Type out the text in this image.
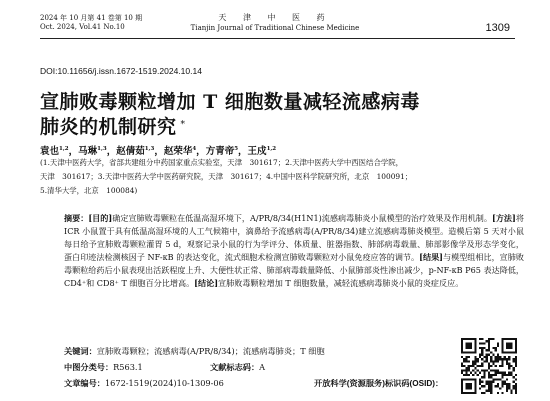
2024 年 10 月第 41 卷第 10 期
Oct. 2024, Vol.41 No.10
天 津 中 医 药
Tianjin Journal of Traditional Chinese Medicine	1309
DOI:10.11656/j.issn.1672-1519.2024.10.14
宣肺败毒颗粒增加 T 细胞数量减轻流感病毒
肺炎的机制研究 *
袁也$^{1,2}$，马琳$^{1,3}$，赵倩茹$^{1,3}$，赵荣华$^4$，方青帝$^5$，王戍$^{1,2}$
(1.天津中医药大学，省部共建组分中药国家重点实验室，天津　301617；2.天津中医药大学中西医结合学院，
天津　301617；3.天津中医药大学中医药研究院，天津　301617；4.中国中医科学院研究所，北京　100091；
5.清华大学，北京　100084)
摘要：[目的]确定宣肺败毒颗粒在低温高湿环境下，A/PR/8/34(H1N1)流感病毒肺炎小鼠模型的治疗效果及作用机制。[方法]将 ICR 小鼠置于具有低温高湿环境的人工气候箱中，滴鼻给予流感病毒(A/PR/8/34)建立流感病毒肺炎模型。造模后第 5 天对小鼠每日给予宣肺败毒颗粒灌胃 5 d，观察记录小鼠的行为学评分、体质量、脏器指数、肺部病毒载量、肺部影像学及形态学变化，蛋白印迹法检测核因子 NF-κB 的表达变化，流式细胞术检测宣肺败毒颗粒对小鼠免疫应答的调节。[结果]与模型组相比，宣肺败毒颗粒给药后小鼠表现出活跃程度上升、大便性状正常、肺部病毒载量降低、小鼠肺部炎性渗出减少，p-NF-κB P65 表达降低，CD4⁺和 CD8⁺ T 细胞百分比增高。[结论]宣肺败毒颗粒增加 T 细胞数量，减轻流感病毒肺炎小鼠的炎症反应。
关键词：宣肺败毒颗粒；流感病毒(A/PR/8/34)；流感病毒肺炎；T 细胞
中图分类号：R563.1	文献标志码：A
文章编号：1672-1519(2024)10-1309-06	开放科学(资源服务)标识码(OSID)：
